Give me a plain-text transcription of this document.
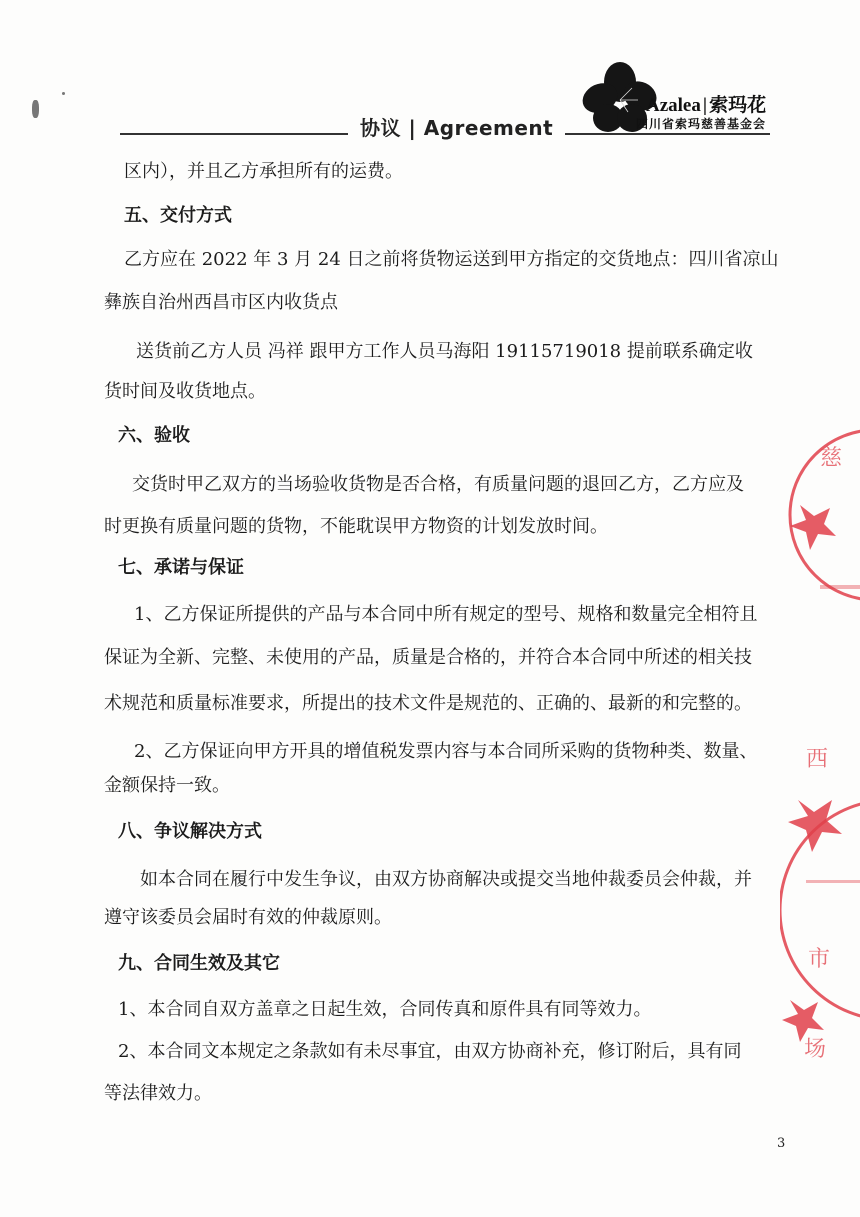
协议 | Agreement
Azalea | 索玛花
四川省索玛慈善基金会
区内），并且乙方承担所有的运费。
五、交付方式
乙方应在 2022 年 3 月 24 日之前将货物运送到甲方指定的交货地点：四川省凉山
彝族自治州西昌市区内收货点
送货前乙方人员 冯祥 跟甲方工作人员马海阳 19115719018 提前联系确定收
货时间及收货地点。
六、验收
交货时甲乙双方的当场验收货物是否合格，有质量问题的退回乙方，乙方应及
时更换有质量问题的货物，不能耽误甲方物资的计划发放时间。
七、承诺与保证
1、乙方保证所提供的产品与本合同中所有规定的型号、规格和数量完全相符且
保证为全新、完整、未使用的产品，质量是合格的，并符合本合同中所述的相关技
术规范和质量标准要求，所提出的技术文件是规范的、正确的、最新的和完整的。
2、乙方保证向甲方开具的增值税发票内容与本合同所采购的货物种类、数量、
金额保持一致。
八、争议解决方式
如本合同在履行中发生争议，由双方协商解决或提交当地仲裁委员会仲裁，并
遵守该委员会届时有效的仲裁原则。
九、合同生效及其它
1、本合同自双方盖章之日起生效，合同传真和原件具有同等效力。
2、本合同文本规定之条款如有未尽事宜，由双方协商补充，修订附后，具有同
等法律效力。
3
慈
西
市
场
